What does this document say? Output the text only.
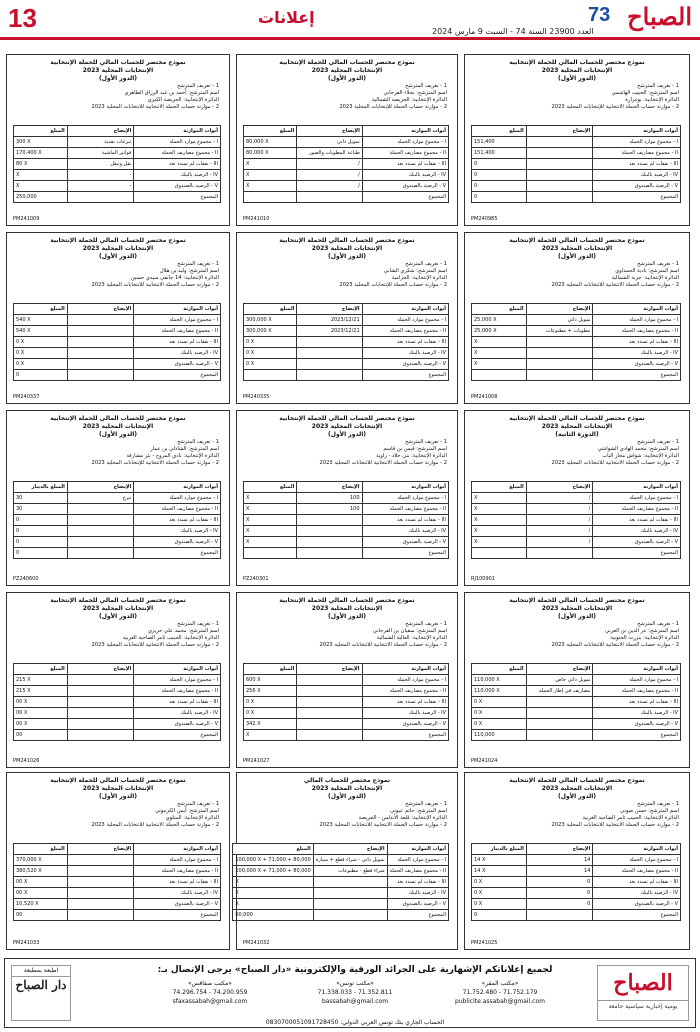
13	إعلانات
العدد 23900 السنة 74 - السبت 9 مارس 2024
الصباح
73
نموذج مختصر للحساب المالي للحملة الإنتخابية
الإنتخابات المحلية 2023
(الدور الأول)
1 - تعريف المترشح
اسم المترشح: الحبيب الهاشمي
الدائرة الإنتخابية: بوغرارة
2 - موازنة حساب الحملة الانتخابية للإنتخابات المحلية 2023
أبواب الموازنة	الإيضاح	المبلغ
I - مجموع موارد الحملة		151,400
II - مجموع مصاريف الحملة		151,400
III - نفقات لم تسدد بعد		0
IV - الرصيد بالبنك		0
V - الرصيد بالصندوق		0
المجموع		0
PM240985
نموذج مختصر للحساب المالي للحملة الإنتخابية
الإنتخابات المحلية 2023
(الدور الأول)
1 - تعريف المترشح
اسم المترشح: نجلاء الفرجاني
الدائرة الإنتخابية: الجريصة الشمالية
2 - موازنة حساب الحملة للإنتخابات المحلية 2023
أبواب الموازنة	الإيضاح	المبلغ
I - مجموع موارد الحملة	تمويل ذاتي	80,000 X
II - مجموع مصاريف الحملة	طباعة المطويات والصور	80,000 X
III - نفقات لم تسدد بعد	/	X
IV - الرصيد بالبنك	/	X
V - الرصيد بالصندوق	/	X
المجموع		
PM241010
نموذج مختصر للحساب المالي للحملة الإنتخابية
الإنتخابات المحلية 2023
(الدور الأول)
1 - تعريف المترشح
اسم المترشح: أحمد بن عبد الرزاق الطاهري
الدائرة الإنتخابية: الجريصة الكبرى
2 - موازنة حساب الحملة الانتخابية للانتخابات المحلية 2023
أبواب الموازنة	الإيضاح	المبلغ
I - مجموع موارد الحملة	تبرعات نقدية	300 X
II - مجموع مصاريف الحملة	فواتير الماشية	170,400 X
III - نفقات لم تسدد بعد	نقل وتنقل	80 X
IV - الرصيد بالبنك	-	X
V - الرصيد بالصندوق	-	X
المجموع		250,000
PM241009
نموذج مختصر للحساب المالي للحملة الإنتخابية
الإنتخابات المحلية 2023
(الدور الأول)
1 - تعريف المترشح
اسم المترشح: نادية الحمداوي
الدائرة الإنتخابية: جربة الشمالية
2 - موازنة حساب الحملة الانتخابية للانتخابات المحلية 2023
أبواب الموازنة	الإيضاح	المبلغ
I - مجموع موارد الحملة	تمويل ذاتي	25,000 X
II - مجموع مصاريف الحملة	مطويات + مطبوعات	25,000 X
III - نفقات لم تسدد بعد		X
IV - الرصيد بالبنك		X
V - الرصيد بالصندوق		X
المجموع		
PM241008
نموذج مختصر للحساب المالي للحملة الإنتخابية
الإنتخابات المحلية 2023
(الدور الأول)
1 - تعريف المترشح
اسم المترشح: شكري الشابي
الدائرة الإنتخابية: الحزامية
2 - موازنة حساب الحملة للإنتخابات المحلية 2023
أبواب الموازنة	الإيضاح	المبلغ
I - مجموع موارد الحملة	2023/12/21	300,000 X
II - مجموع مصاريف الحملة	2023/12/21	300,000 X
III - نفقات لم تسدد بعد		0 X
IV - الرصيد بالبنك		0 X
V - الرصيد بالصندوق		0 X
المجموع		
PM240335
نموذج مختصر للحساب المالي للحملة الإنتخابية
الإنتخابات المحلية 2023
(الدور الأول)
1 - تعريف المترشح
اسم المترشح: وليد بن هلال
الدائرة الإنتخابية: 14 جانفي سيدي حسين
2 - موازنة حساب الحملة الانتخابية للانتخابات المحلية 2023
أبواب الموازنة	الإيضاح	المبلغ
I - مجموع موارد الحملة		540 X
II - مجموع مصاريف الحملة		540 X
III - نفقات لم تسدد بعد		0 X
IV - الرصيد بالبنك		0 X
V - الرصيد بالصندوق		0 X
المجموع		0
PM240337
نموذج مختصر للحساب المالي للحملة الإنتخابية
الإنتخابات المحلية 2023
(الدورة الثانية)
1 - تعريف المترشح
اسم المترشح: محمد الهادي الشواشي
الدائرة الإنتخابية: شواش مجاز الباب
2 - موازنة حساب الحملة الانتخابية للانتخابات المحلية 2023
أبواب الموازنة	الإيضاح	المبلغ
I - مجموع موارد الحملة	/	X
II - مجموع مصاريف الحملة	/	X
III - نفقات لم تسدد بعد	/	X
IV - الرصيد بالبنك	/	X
V - الرصيد بالصندوق	/	X
المجموع		
RJ100901
نموذج مختصر للحساب المالي للحملة الإنتخابية
الإنتخابات المحلية 2023
(الدور الأول)
1 - تعريف المترشح
اسم المترشح: قيس بن قاسم
الدائرة الإنتخابية: بني خلاد - زاوية
2 - موازنة حساب الحملة الانتخابية للانتخابات المحلية 2023
أبواب الموازنة	الإيضاح	المبلغ
I - مجموع موارد الحملة	100	X
II - مجموع مصاريف الحملة	100	X
III - نفقات لم تسدد بعد		X
IV - الرصيد بالبنك		X
V - الرصيد بالصندوق		X
المجموع		
PZ240301
نموذج مختصر للحساب المالي للحملة الإنتخابية
الإنتخابات المحلية 2023
(الدور الأول)
1 - تعريف المترشح
اسم المترشح: الشاذلي بن عمار
الدائرة الإنتخابية: نادي المروج - بئر مشارقة
2 - موازنة حساب الحملة الانتخابية للإنتخابات المحلية 2023
أبواب الموازنة	الإيضاح	المبلغ بالدينار
I - مجموع موارد الحملة	تبرع	30
II - مجموع مصاريف الحملة		30
III - نفقات لم تسدد بعد		0
IV - الرصيد بالبنك		0
V - الرصيد بالصندوق		0
المجموع		0
PZ240600
نموذج مختصر للحساب المالي للحملة الإنتخابية
الإنتخابات المحلية 2023
(الدور الأول)
1 - تعريف المترشح
اسم المترشح: عز الدين بن العربي
الدائرة الإنتخابية: بنزرت الجنوبية
2 - موازنة حساب الحملة الانتخابية للانتخابات المحلية 2023
أبواب الموازنة	الإيضاح	المبلغ
I - مجموع موارد الحملة	تمويل ذاتي خاص	110,000 X
II - مجموع مصاريف الحملة	مصاريف في إطار الحملة	110,000 X
III - نفقات لم تسدد بعد		0 X
IV - الرصيد بالبنك		0 X
V - الرصيد بالصندوق		0 X
المجموع		110,000
PM241024
نموذج مختصر للحساب المالي للحملة الإنتخابية
الإنتخابات المحلية 2023
(الدور الأول)
1 - تعريف المترشح
اسم المترشح: سفيان بن الفرجاني
الدائرة الإنتخابية: العالية الشمالية
2 - موازنة حساب الحملة الانتخابية للانتخابات المحلية 2023
أبواب الموازنة	الإيضاح	المبلغ
I - مجموع موارد الحملة		600 X
II - مجموع مصاريف الحملة		256 X
III - نفقات لم تسدد بعد		0 X
IV - الرصيد بالبنك		0 X
V - الرصيد بالصندوق		342 X
المجموع		X
PM241027
نموذج مختصر للحساب المالي للحملة الإنتخابية
الإنتخابات المحلية 2023
(الدور الأول)
1 - تعريف المترشح
اسم المترشح: محمد علي حريزي
الدائرة الإنتخابية: الحبيب ثامر الضاحية الغربية
2 - موازنة حساب الحملة الانتخابية للانتخابات المحلية 2023
أبواب الموازنة	الإيضاح	المبلغ
I - مجموع موارد الحملة		215 X
II - مجموع مصاريف الحملة		215 X
III - نفقات لم تسدد بعد		00 X
IV - الرصيد بالبنك		00 X
V - الرصيد بالصندوق		00 X
المجموع		00
PM241026
نموذج مختصر للحساب المالي للحملة الإنتخابية
الإنتخابات المحلية 2023
(الدور الأول)
1 - تعريف المترشح
اسم المترشح: حسن صوني
الدائرة الإنتخابية: الحبيب ثامر الضاحية الغربية
2 - موازنة حساب الحملة الانتخابية للانتخابات المحلية 2023
أبواب الموازنة	الإيضاح	المبلغ بالدينار
I - مجموع موارد الحملة	14	14 X
II - مجموع مصاريف الحملة	14	14 X
III - نفقات لم تسدد بعد	0	0 X
IV - الرصيد بالبنك	0	0 X
V - الرصيد بالصندوق	0	0 X
المجموع		0
PM241025
نموذج مختصر للحساب المالي
الإنتخابات المحلية 2023
(الدور الأول)
1 - تعريف المترشح
اسم المترشح: حاتم عيوني
الدائرة الإنتخابية: قلعة الأندلس - الجريصة
2 - موازنة حساب الحملة الانتخابية للانتخابات المحلية 2023
أبواب الموازنة	الإيضاح	المبلغ
I - مجموع موارد الحملة	تمويل ذاتي - شراء قطع + سيارة	100,000 X + 71,000 + 80,000
II - مجموع مصاريف الحملة	شراء قطع - مطبوعات	100,000 X + 71,000 + 80,000
III - نفقات لم تسدد بعد		X
IV - الرصيد بالبنك		X
V - الرصيد بالصندوق		X
المجموع		00,000
PM241032
نموذج مختصر للحساب المالي للحملة الإنتخابية
الإنتخابات المحلية 2023
(الدور الأول)
1 - تعريف المترشح
اسم المترشح: أيمن الكرموني
الدائرة الإنتخابية: المتلوي
2 - موازنة حساب الحملة الانتخابية للانتخابات المحلية 2023
أبواب الموازنة	الإيضاح	المبلغ
I - مجموع موارد الحملة		370,000 X
II - مجموع مصاريف الحملة		380,520 X
III - نفقات لم تسدد بعد		00 X
IV - الرصيد بالبنك		00 X
V - الرصيد بالصندوق		10,520 X
المجموع		00
PM241033
الصباح
يومية إخبارية سياسية جامعة
اطبعة بمطبعة
دار الصباح
لجميع إعلاناتكم الإشهارية على الجرائد الورقية والإلكترونية «دار الصباح» يرجى الإتصال بـ:
«مكتب المقر»
71.752.179 - 71.752.480
publicite.assabah@gmail.com
«مكتب تونس»
71.352.811 - 71.338.033
bassabah@gmail.com
«مكتب صفاقس»
74.200.959 - 74.296.754
sfaxassabah@gmail.com
الحساب الجاري بنك تونس العربي الدولي: 0830700051091728450
